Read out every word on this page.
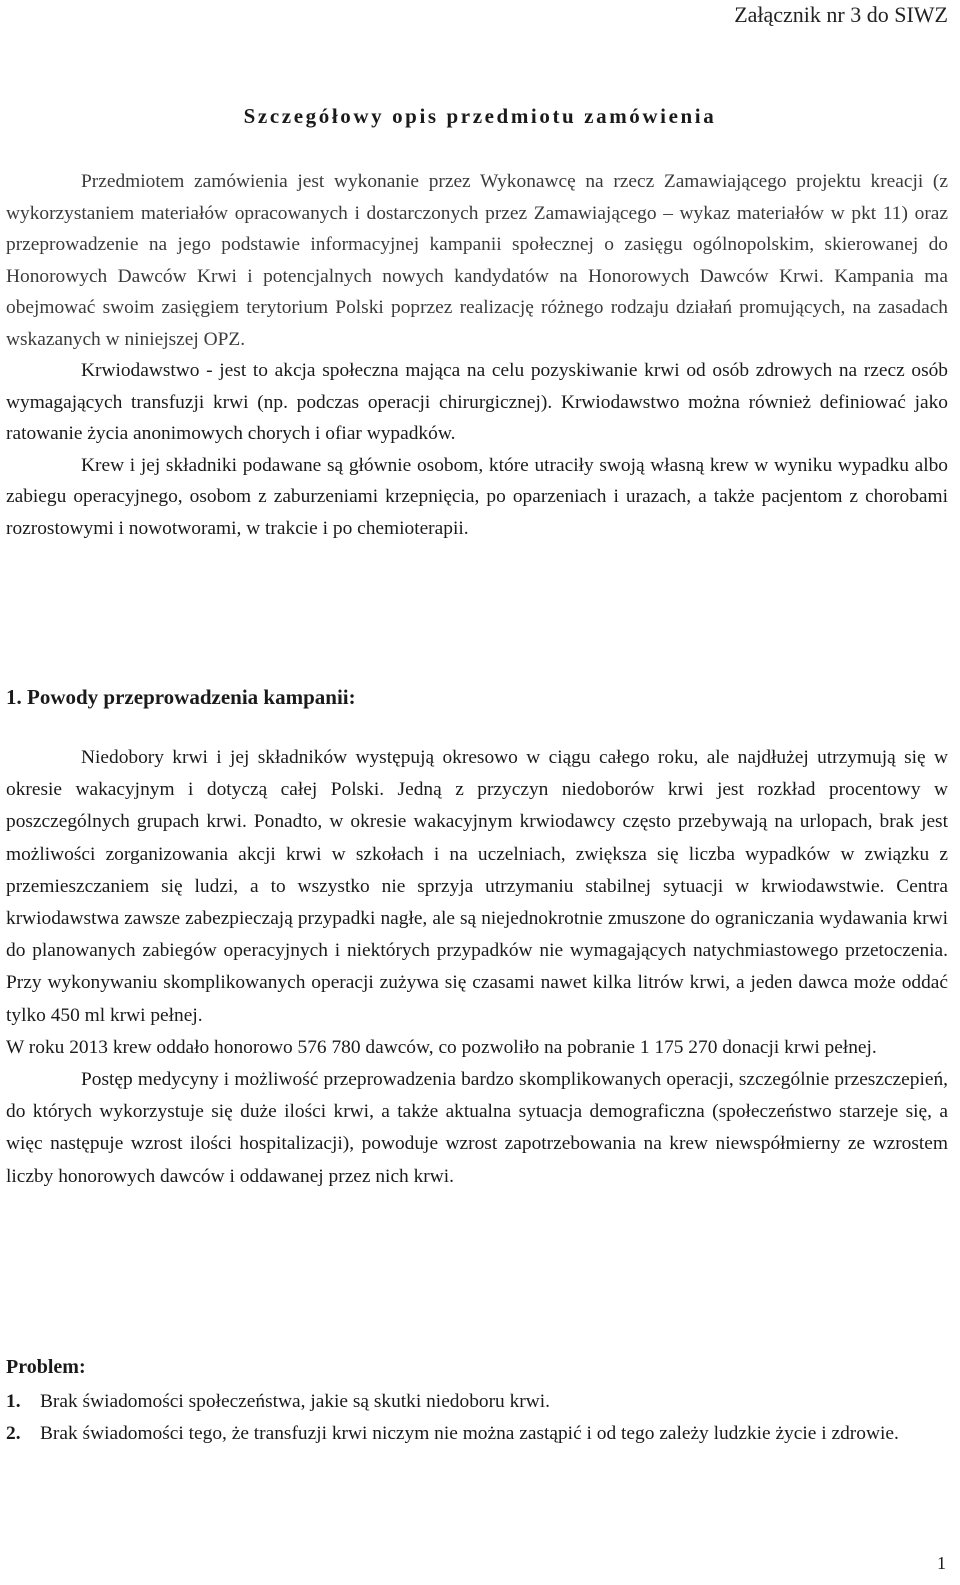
Załącznik nr 3 do SIWZ
Szczegółowy opis przedmiotu zamówienia

Przedmiotem zamówienia jest wykonanie przez Wykonawcę na rzecz Zamawiającego projektu kreacji (z wykorzystaniem materiałów opracowanych i dostarczonych przez Zamawiającego – wykaz materiałów w pkt 11) oraz przeprowadzenie na jego podstawie informacyjnej kampanii społecznej o zasięgu ogólnopolskim, skierowanej do Honorowych Dawców Krwi i potencjalnych nowych kandydatów na Honorowych Dawców Krwi. Kampania ma obejmować swoim zasięgiem terytorium Polski poprzez realizację różnego rodzaju działań promujących, na zasadach wskazanych w niniejszej OPZ.

Krwiodawstwo - jest to akcja społeczna mająca na celu pozyskiwanie krwi od osób zdrowych na rzecz osób wymagających transfuzji krwi (np. podczas operacji chirurgicznej). Krwiodawstwo można również definiować jako ratowanie życia anonimowych chorych i ofiar wypadków.

Krew i jej składniki podawane są głównie osobom, które utraciły swoją własną krew w wyniku wypadku albo zabiegu operacyjnego, osobom z zaburzeniami krzepnięcia, po oparzeniach i urazach, a także pacjentom z chorobami rozrostowymi i nowotworami, w trakcie i po chemioterapii.

1. Powody przeprowadzenia kampanii:

Niedobory krwi i jej składników występują okresowo w ciągu całego roku, ale najdłużej utrzymują się w okresie wakacyjnym i dotyczą całej Polski. Jedną z przyczyn niedoborów krwi jest rozkład procentowy w poszczególnych grupach krwi. Ponadto, w okresie wakacyjnym krwiodawcy często przebywają na urlopach, brak jest możliwości zorganizowania akcji krwi w szkołach i na uczelniach, zwiększa się liczba wypadków w związku z przemieszczaniem się ludzi, a to wszystko nie sprzyja utrzymaniu stabilnej sytuacji w krwiodawstwie. Centra krwiodawstwa zawsze zabezpieczają przypadki nagłe, ale są niejednokrotnie zmuszone do ograniczania wydawania krwi do planowanych zabiegów operacyjnych i niektórych przypadków nie wymagających natychmiastowego przetoczenia. Przy wykonywaniu skomplikowanych operacji zużywa się czasami nawet kilka litrów krwi, a jeden dawca może oddać tylko 450 ml krwi pełnej.

W roku 2013 krew oddało honorowo 576 780 dawców, co pozwoliło na pobranie 1 175 270 donacji krwi pełnej.

Postęp medycyny i możliwość przeprowadzenia bardzo skomplikowanych operacji, szczególnie przeszczepień, do których wykorzystuje się duże ilości krwi, a także aktualna sytuacja demograficzna (społeczeństwo starzeje się, a więc następuje wzrost ilości hospitalizacji), powoduje wzrost zapotrzebowania na krew niewspółmierny ze wzrostem liczby honorowych dawców i oddawanej przez nich krwi.

Problem:
1.	Brak świadomości społeczeństwa, jakie są skutki niedoboru krwi.
2.	Brak świadomości tego, że transfuzji krwi niczym nie można zastąpić i od tego zależy ludzkie życie i zdrowie.
1
